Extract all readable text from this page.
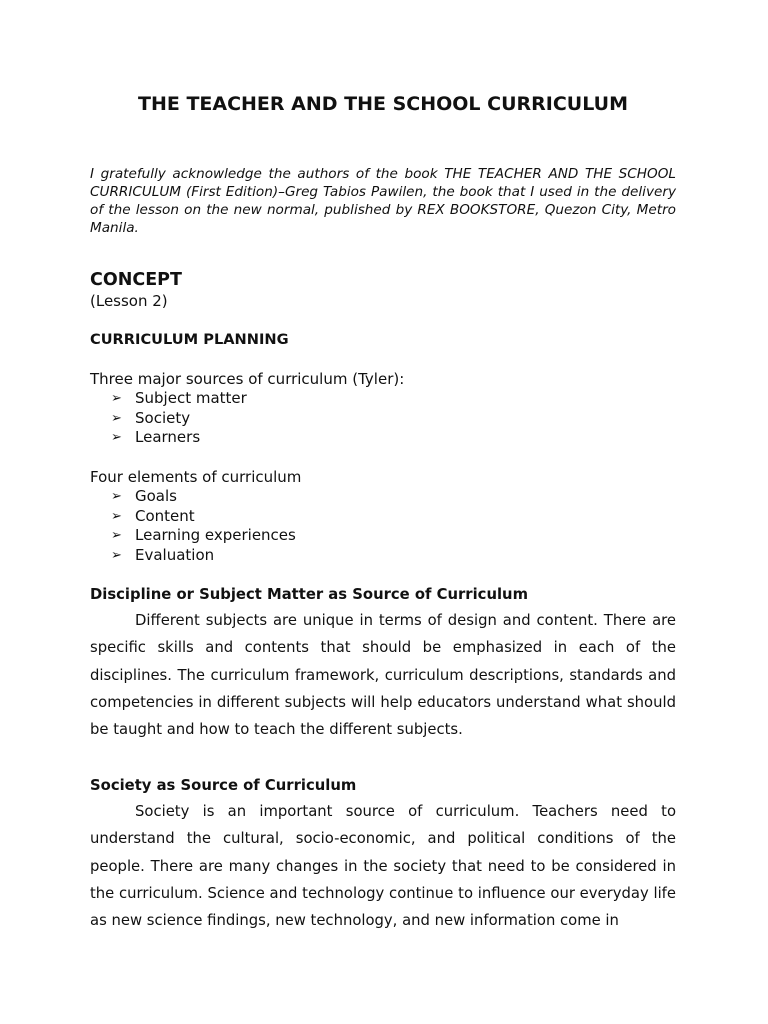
THE TEACHER AND THE SCHOOL CURRICULUM

I gratefully acknowledge the authors of the book THE TEACHER AND THE SCHOOL CURRICULUM (First Edition)–Greg Tabios Pawilen, the book that I used in the delivery of the lesson on the new normal, published by REX BOOKSTORE, Quezon City, Metro Manila.

CONCEPT

(Lesson 2)

CURRICULUM PLANNING

Three major sources of curriculum (Tyler):

➢ Subject matter
➢ Society
➢ Learners

Four elements of curriculum

➢ Goals
➢ Content
➢ Learning experiences
➢ Evaluation
Discipline or Subject Matter as Source of Curriculum

Different subjects are unique in terms of design and content. There are specific skills and contents that should be emphasized in each of the disciplines. The curriculum framework, curriculum descriptions, standards and competencies in different subjects will help educators understand what should be taught and how to teach the different subjects.

Society as Source of Curriculum

Society is an important source of curriculum. Teachers need to understand the cultural, socio-economic, and political conditions of the people. There are many changes in the society that need to be considered in the curriculum. Science and technology continue to influence our everyday life as new science findings, new technology, and new information come in
